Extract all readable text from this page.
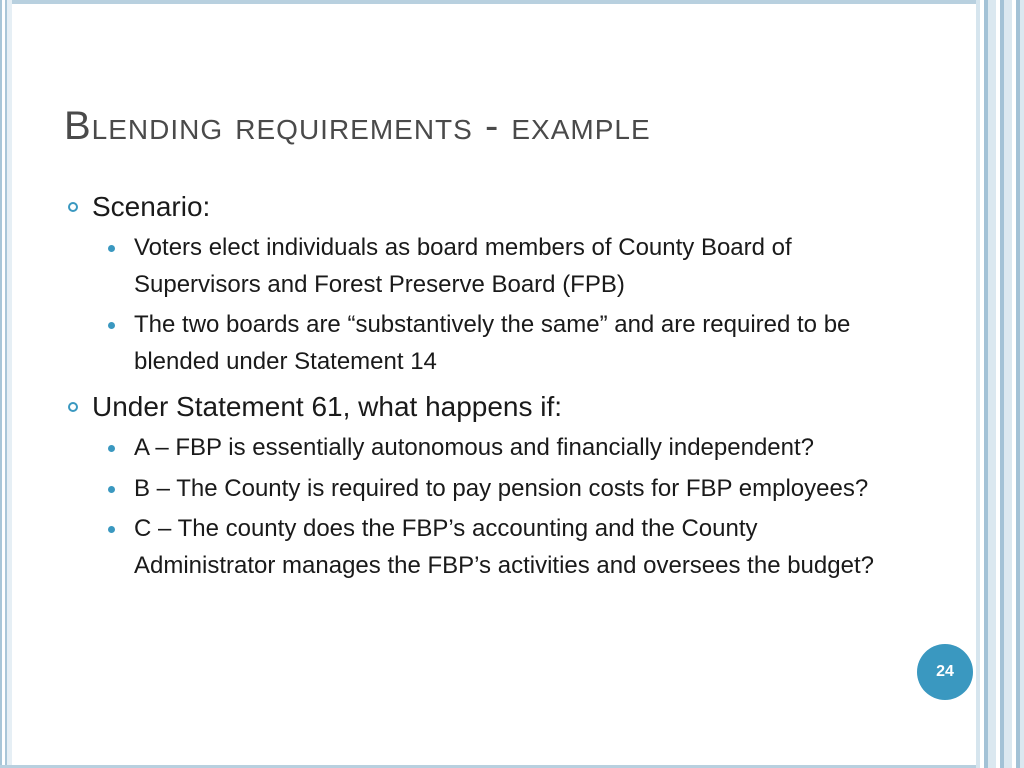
Blending requirements - example

Scenario:

Voters elect individuals as board members of County Board of Supervisors and Forest Preserve Board (FPB)

The two boards are “substantively the same” and are required to be blended under Statement 14

Under Statement 61, what happens if:

A – FBP is essentially autonomous and financially independent?

B – The County is required to pay pension costs for FBP employees?

C – The county does the FBP’s accounting and the County Administrator manages the FBP’s activities and oversees the budget?

24
